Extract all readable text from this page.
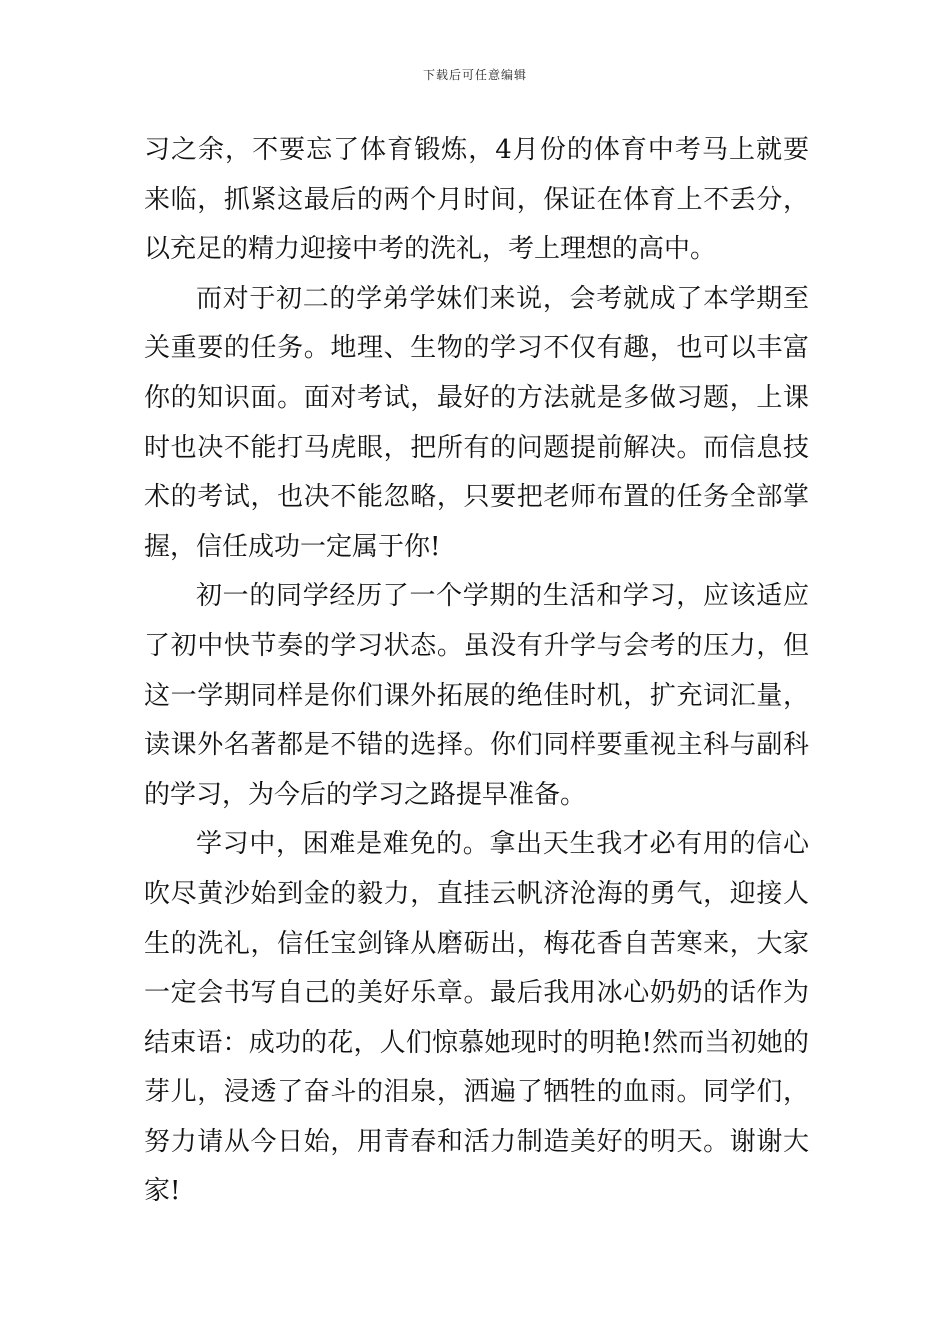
下载后可任意编辑

习之余，不要忘了体育锻炼，4月份的体育中考马上就要来临，抓紧这最后的两个月时间，保证在体育上不丢分，以充足的精力迎接中考的洗礼，考上理想的高中。

而对于初二的学弟学妹们来说，会考就成了本学期至关重要的任务。地理、生物的学习不仅有趣，也可以丰富你的知识面。面对考试，最好的方法就是多做习题，上课时也决不能打马虎眼，把所有的问题提前解决。而信息技术的考试，也决不能忽略，只要把老师布置的任务全部掌握，信任成功一定属于你!

初一的同学经历了一个学期的生活和学习，应该适应了初中快节奏的学习状态。虽没有升学与会考的压力，但这一学期同样是你们课外拓展的绝佳时机，扩充词汇量，读课外名著都是不错的选择。你们同样要重视主科与副科的学习，为今后的学习之路提早准备。

学习中，困难是难免的。拿出天生我才必有用的信心吹尽黄沙始到金的毅力，直挂云帆济沧海的勇气，迎接人生的洗礼，信任宝剑锋从磨砺出，梅花香自苦寒来，大家一定会书写自己的美好乐章。最后我用冰心奶奶的话作为结束语：成功的花，人们惊慕她现时的明艳!然而当初她的芽儿，浸透了奋斗的泪泉，洒遍了牺牲的血雨。同学们，努力请从今日始，用青春和活力制造美好的明天。谢谢大家!
